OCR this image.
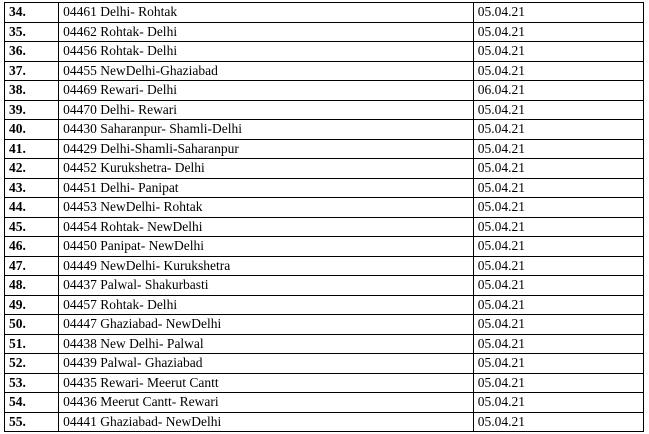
34.	04461 Delhi- Rohtak	05.04.21
35.	04462 Rohtak- Delhi	05.04.21
36.	04456 Rohtak- Delhi	05.04.21
37.	04455 NewDelhi-Ghaziabad	05.04.21
38.	04469 Rewari- Delhi	06.04.21
39.	04470 Delhi- Rewari	05.04.21
40.	04430 Saharanpur- Shamli-Delhi	05.04.21
41.	04429 Delhi-Shamli-Saharanpur	05.04.21
42.	04452 Kurukshetra- Delhi	05.04.21
43.	04451 Delhi- Panipat	05.04.21
44.	04453 NewDelhi- Rohtak	05.04.21
45.	04454 Rohtak- NewDelhi	05.04.21
46.	04450 Panipat- NewDelhi	05.04.21
47.	04449 NewDelhi- Kurukshetra	05.04.21
48.	04437 Palwal- Shakurbasti	05.04.21
49.	04457 Rohtak- Delhi	05.04.21
50.	04447 Ghaziabad- NewDelhi	05.04.21
51.	04438 New Delhi- Palwal	05.04.21
52.	04439 Palwal- Ghaziabad	05.04.21
53.	04435 Rewari- Meerut Cantt	05.04.21
54.	04436 Meerut Cantt- Rewari	05.04.21
55.	04441 Ghaziabad- NewDelhi	05.04.21
